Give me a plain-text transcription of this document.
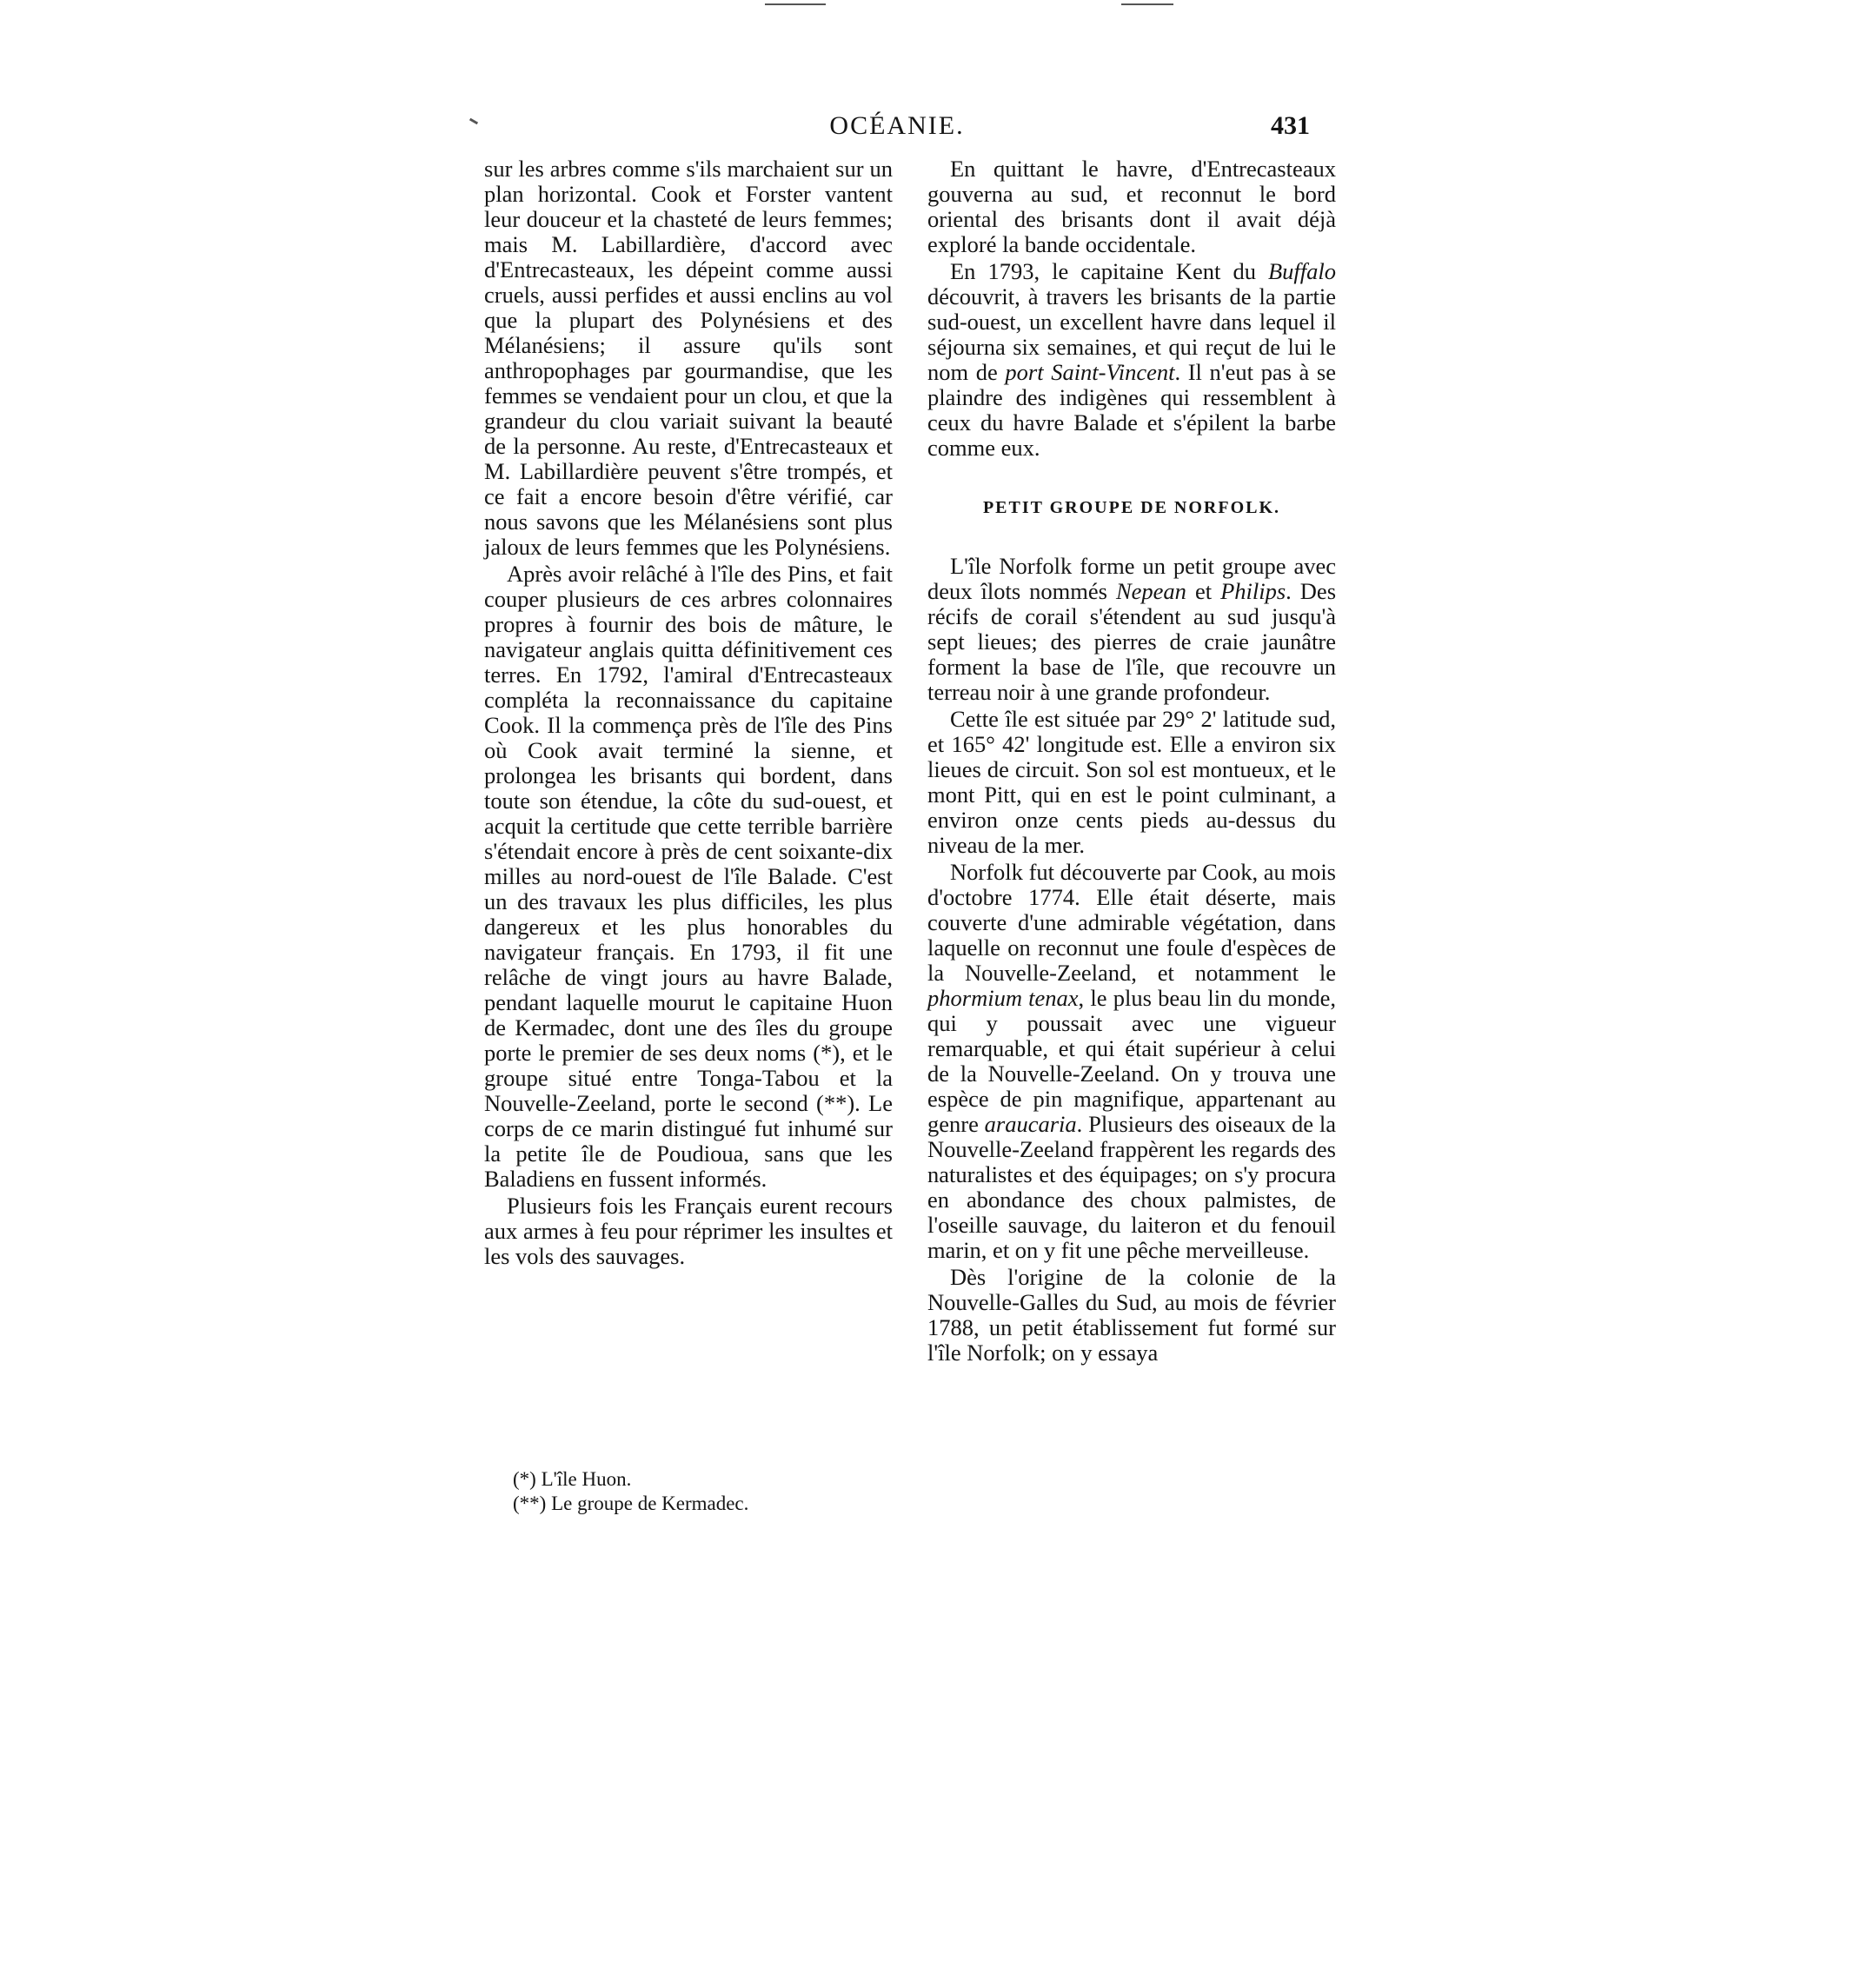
OCÉANIE.	431

sur les arbres comme s'ils marchaient sur un plan horizontal. Cook et Forster vantent leur douceur et la chasteté de leurs femmes; mais M. Labillardière, d'accord avec d'Entrecasteaux, les dépeint comme aussi cruels, aussi perfides et aussi enclins au vol que la plupart des Polynésiens et des Mélanésiens; il assure qu'ils sont anthropophages par gourmandise, que les femmes se vendaient pour un clou, et que la grandeur du clou variait suivant la beauté de la personne. Au reste, d'Entrecasteaux et M. Labillardière peuvent s'être trompés, et ce fait a encore besoin d'être vérifié, car nous savons que les Mélanésiens sont plus jaloux de leurs femmes que les Polynésiens.

Après avoir relâché à l'île des Pins, et fait couper plusieurs de ces arbres colonnaires propres à fournir des bois de mâture, le navigateur anglais quitta définitivement ces terres. En 1792, l'amiral d'Entrecasteaux compléta la reconnaissance du capitaine Cook. Il la commença près de l'île des Pins où Cook avait terminé la sienne, et prolongea les brisants qui bordent, dans toute son étendue, la côte du sud-ouest, et acquit la certitude que cette terrible barrière s'étendait encore à près de cent soixante-dix milles au nord-ouest de l'île Balade. C'est un des travaux les plus difficiles, les plus dangereux et les plus honorables du navigateur français. En 1793, il fit une relâche de vingt jours au havre Balade, pendant laquelle mourut le capitaine Huon de Kermadec, dont une des îles du groupe porte le premier de ses deux noms (*), et le groupe situé entre Tonga-Tabou et la Nouvelle-Zeeland, porte le second (**). Le corps de ce marin distingué fut inhumé sur la petite île de Poudioua, sans que les Baladiens en fussent informés.

Plusieurs fois les Français eurent recours aux armes à feu pour réprimer les insultes et les vols des sauvages.

(*) L'île Huon.
(**) Le groupe de Kermadec.

En quittant le havre, d'Entrecasteaux gouverna au sud, et reconnut le bord oriental des brisants dont il avait déjà exploré la bande occidentale.

En 1793, le capitaine Kent du Buffalo découvrit, à travers les brisants de la partie sud-ouest, un excellent havre dans lequel il séjourna six semaines, et qui reçut de lui le nom de port Saint-Vincent. Il n'eut pas à se plaindre des indigènes qui ressemblent à ceux du havre Balade et s'épilent la barbe comme eux.

PETIT GROUPE DE NORFOLK.

L'île Norfolk forme un petit groupe avec deux îlots nommés Nepean et Philips. Des récifs de corail s'étendent au sud jusqu'à sept lieues; des pierres de craie jaunâtre forment la base de l'île, que recouvre un terreau noir à une grande profondeur.

Cette île est située par 29° 2' latitude sud, et 165° 42' longitude est. Elle a environ six lieues de circuit. Son sol est montueux, et le mont Pitt, qui en est le point culminant, a environ onze cents pieds au-dessus du niveau de la mer.

Norfolk fut découverte par Cook, au mois d'octobre 1774. Elle était déserte, mais couverte d'une admirable végétation, dans laquelle on reconnut une foule d'espèces de la Nouvelle-Zeeland, et notamment le phormium tenax, le plus beau lin du monde, qui y poussait avec une vigueur remarquable, et qui était supérieur à celui de la Nouvelle-Zeeland. On y trouva une espèce de pin magnifique, appartenant au genre araucaria. Plusieurs des oiseaux de la Nouvelle-Zeeland frappèrent les regards des naturalistes et des équipages; on s'y procura en abondance des choux palmistes, de l'oseille sauvage, du laiteron et du fenouil marin, et on y fit une pêche merveilleuse.

Dès l'origine de la colonie de la Nouvelle-Galles du Sud, au mois de février 1788, un petit établissement fut formé sur l'île Norfolk; on y essaya
